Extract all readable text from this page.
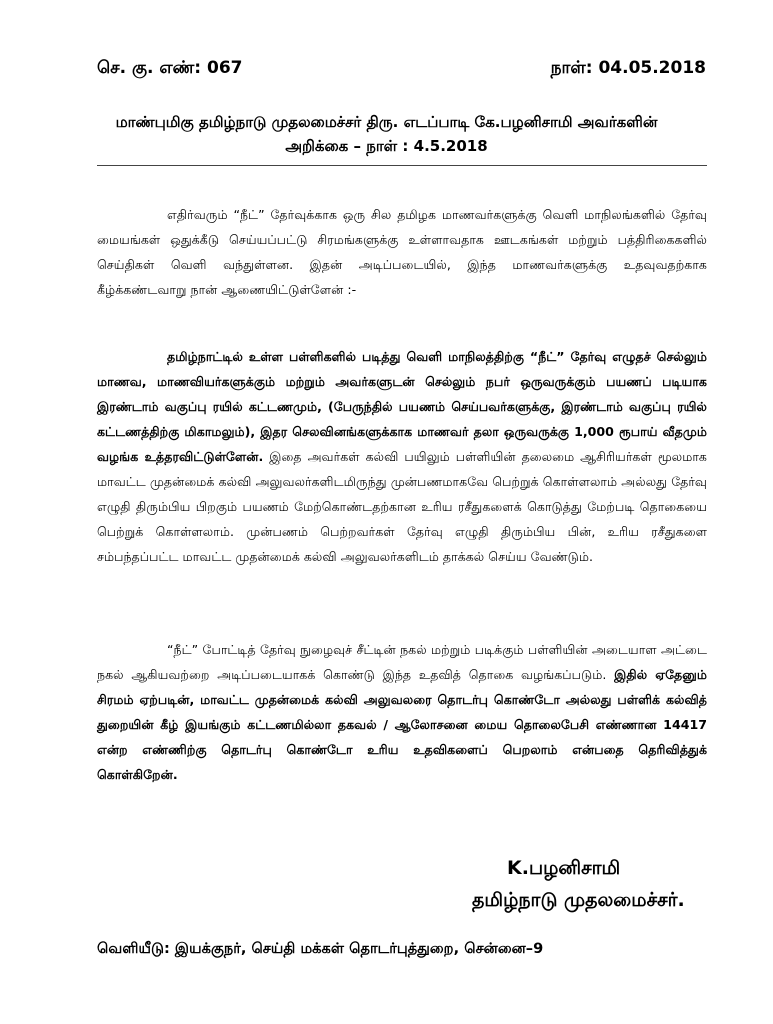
செ. கு. எண்: 067	நாள்: 04.05.2018
மாண்புமிகு தமிழ்நாடு முதலமைச்சர் திரு. எடப்பாடி கே.பழனிசாமி அவர்களின்
அறிக்கை – நாள் : 4.5.2018
எதிர்வரும் “நீட்” தேர்வுக்காக ஒரு சில தமிழக மாணவர்களுக்கு வெளி மாநிலங்களில் தேர்வு மையங்கள் ஒதுக்கீடு செய்யப்பட்டு சிரமங்களுக்கு உள்ளாவதாக ஊடகங்கள் மற்றும் பத்திரிகைகளில் செய்திகள் வெளி வந்துள்ளன. இதன் அடிப்படையில், இந்த மாணவர்களுக்கு உதவுவதற்காக கீழ்க்கண்டவாறு நான் ஆணையிட்டுள்ளேன் :-
தமிழ்நாட்டில் உள்ள பள்ளிகளில் படித்து வெளி மாநிலத்திற்கு “நீட்” தேர்வு எழுதச் செல்லும் மாணவ, மாணவியர்களுக்கும் மற்றும் அவர்களுடன் செல்லும் நபர் ஒருவருக்கும் பயணப் படியாக இரண்டாம் வகுப்பு ரயில் கட்டணமும், (பேருந்தில் பயணம் செய்பவர்களுக்கு, இரண்டாம் வகுப்பு ரயில் கட்டணத்திற்கு மிகாமலும்), இதர செலவினங்களுக்காக மாணவர் தலா ஒருவருக்கு 1,000 ரூபாய் வீதமும் வழங்க உத்தரவிட்டுள்ளேன். இதை அவர்கள் கல்வி பயிலும் பள்ளியின் தலைமை ஆசிரியர்கள் மூலமாக மாவட்ட முதன்மைக் கல்வி அலுவலர்களிடமிருந்து முன்பணமாகவே பெற்றுக் கொள்ளலாம் அல்லது தேர்வு எழுதி திரும்பிய பிறகும் பயணம் மேற்கொண்டதற்கான உரிய ரசீதுகளைக் கொடுத்து மேற்படி தொகையை பெற்றுக் கொள்ளலாம். முன்பணம் பெற்றவர்கள் தேர்வு எழுதி திரும்பிய பின், உரிய ரசீதுகளை சம்பந்தப்பட்ட மாவட்ட முதன்மைக் கல்வி அலுவலர்களிடம் தாக்கல் செய்ய வேண்டும்.
“நீட்” போட்டித் தேர்வு நுழைவுச் சீட்டின் நகல் மற்றும் படிக்கும் பள்ளியின் அடையாள அட்டை நகல் ஆகியவற்றை அடிப்படையாகக் கொண்டு இந்த உதவித் தொகை வழங்கப்படும். இதில் ஏதேனும் சிரமம் ஏற்படின், மாவட்ட முதன்மைக் கல்வி அலுவலரை தொடர்பு கொண்டோ அல்லது பள்ளிக் கல்வித் துறையின் கீழ் இயங்கும் கட்டணமில்லா தகவல் / ஆலோசனை மைய தொலைபேசி எண்ணான 14417 என்ற எண்ணிற்கு தொடர்பு கொண்டோ உரிய உதவிகளைப் பெறலாம் என்பதை தெரிவித்துக் கொள்கிறேன்.
K.பழனிசாமி
தமிழ்நாடு முதலமைச்சர்.
வெளியீடு: இயக்குநர், செய்தி மக்கள் தொடர்புத்துறை, சென்னை–9
